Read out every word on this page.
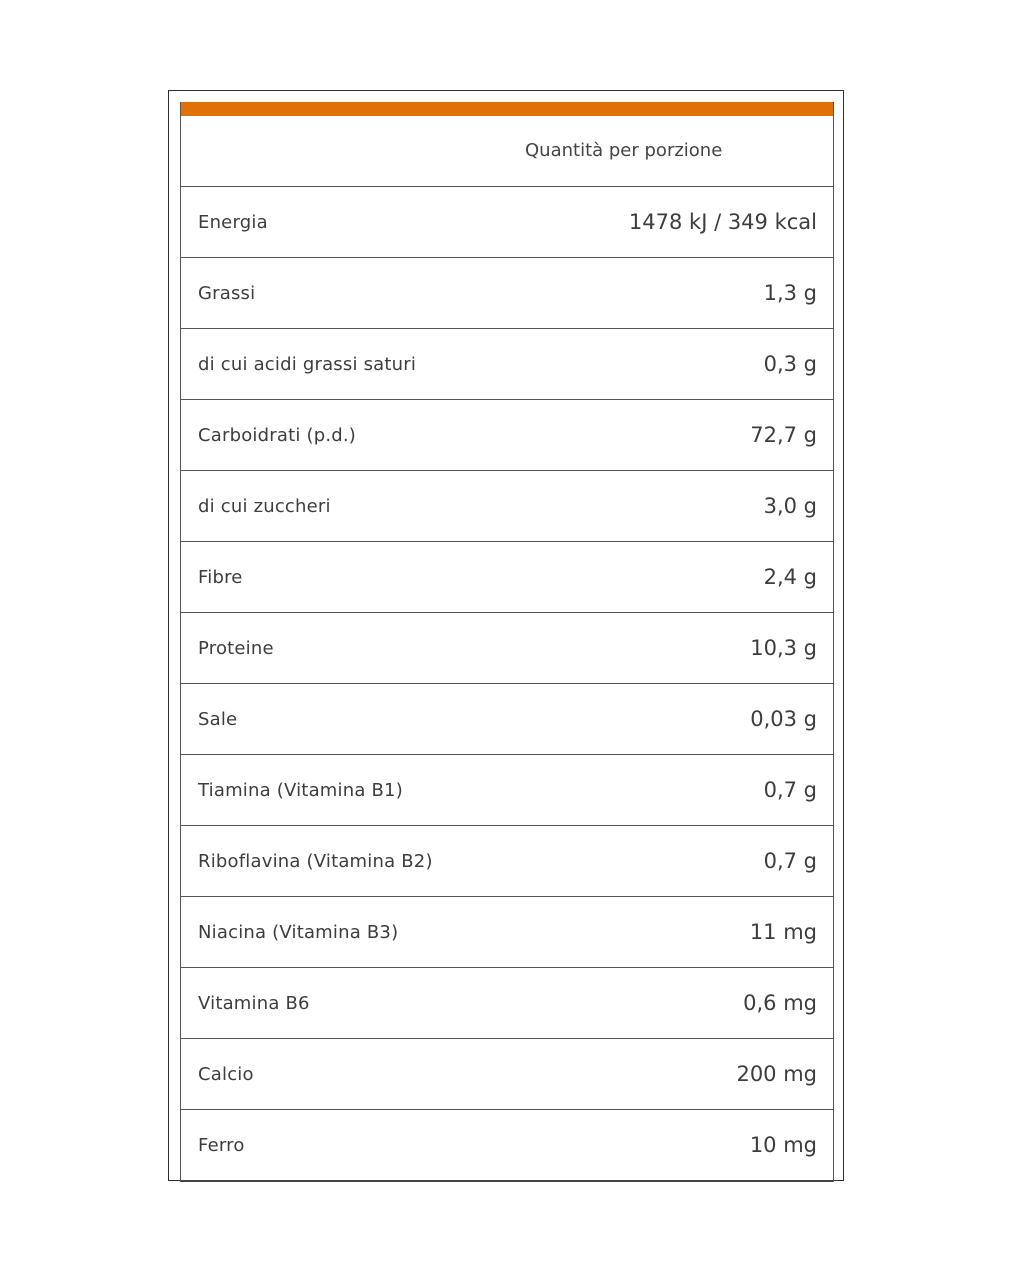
Quantità per porzione
Energia	1478 kJ / 349 kcal
Grassi	1,3 g
di cui acidi grassi saturi	0,3 g
Carboidrati (p.d.)	72,7 g
di cui zuccheri	3,0 g
Fibre	2,4 g
Proteine	10,3 g
Sale	0,03 g
Tiamina (Vitamina B1)	0,7 g
Riboflavina (Vitamina B2)	0,7 g
Niacina (Vitamina B3)	11 mg
Vitamina B6	0,6 mg
Calcio	200 mg
Ferro	10 mg
